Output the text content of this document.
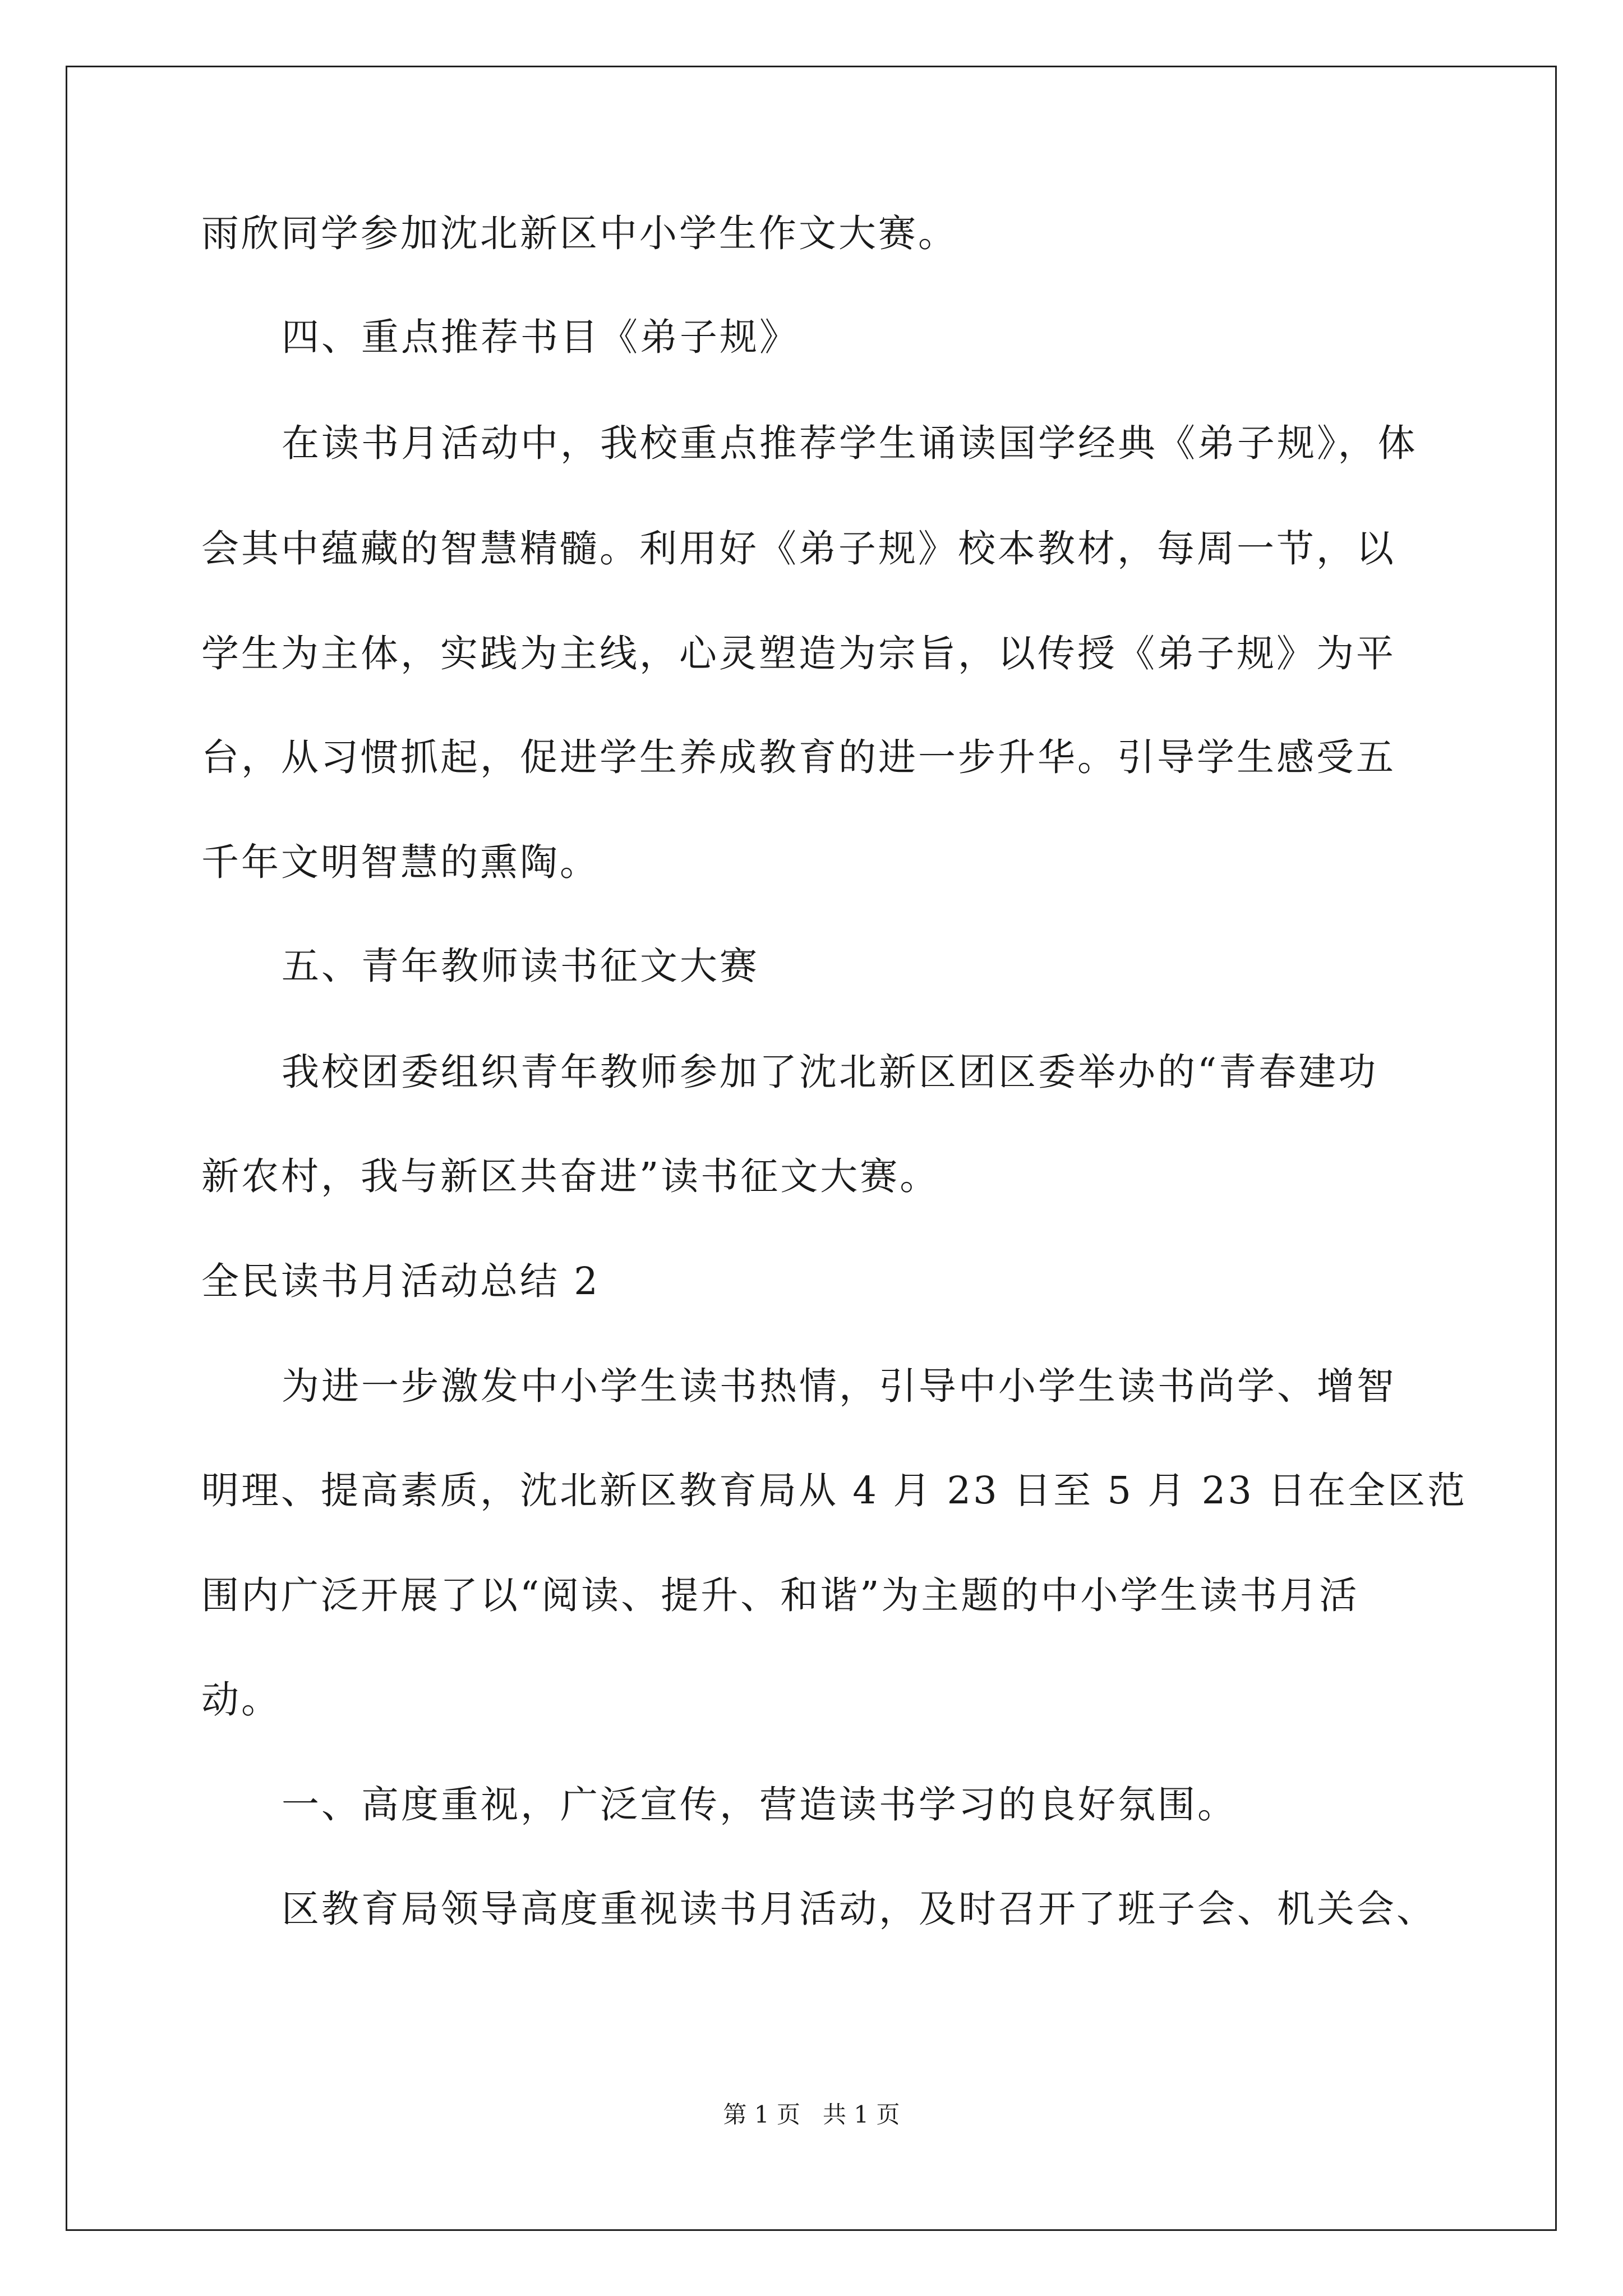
雨欣同学参加沈北新区中小学生作文大赛。
四、重点推荐书目《弟子规》
在读书月活动中，我校重点推荐学生诵读国学经典《弟子规》，体
会其中蕴藏的智慧精髓。利用好《弟子规》校本教材，每周一节，以
学生为主体，实践为主线，心灵塑造为宗旨，以传授《弟子规》为平
台，从习惯抓起，促进学生养成教育的进一步升华。引导学生感受五
千年文明智慧的熏陶。
五、青年教师读书征文大赛
我校团委组织青年教师参加了沈北新区团区委举办的“青春建功
新农村，我与新区共奋进”读书征文大赛。
全民读书月活动总结 2
为进一步激发中小学生读书热情，引导中小学生读书尚学、增智
明理、提高素质，沈北新区教育局从 4 月 23 日至 5 月 23 日在全区范
围内广泛开展了以“阅读、提升、和谐”为主题的中小学生读书月活
动。
一、高度重视，广泛宣传，营造读书学习的良好氛围。
区教育局领导高度重视读书月活动，及时召开了班子会、机关会、
第 1 页   共 1 页
